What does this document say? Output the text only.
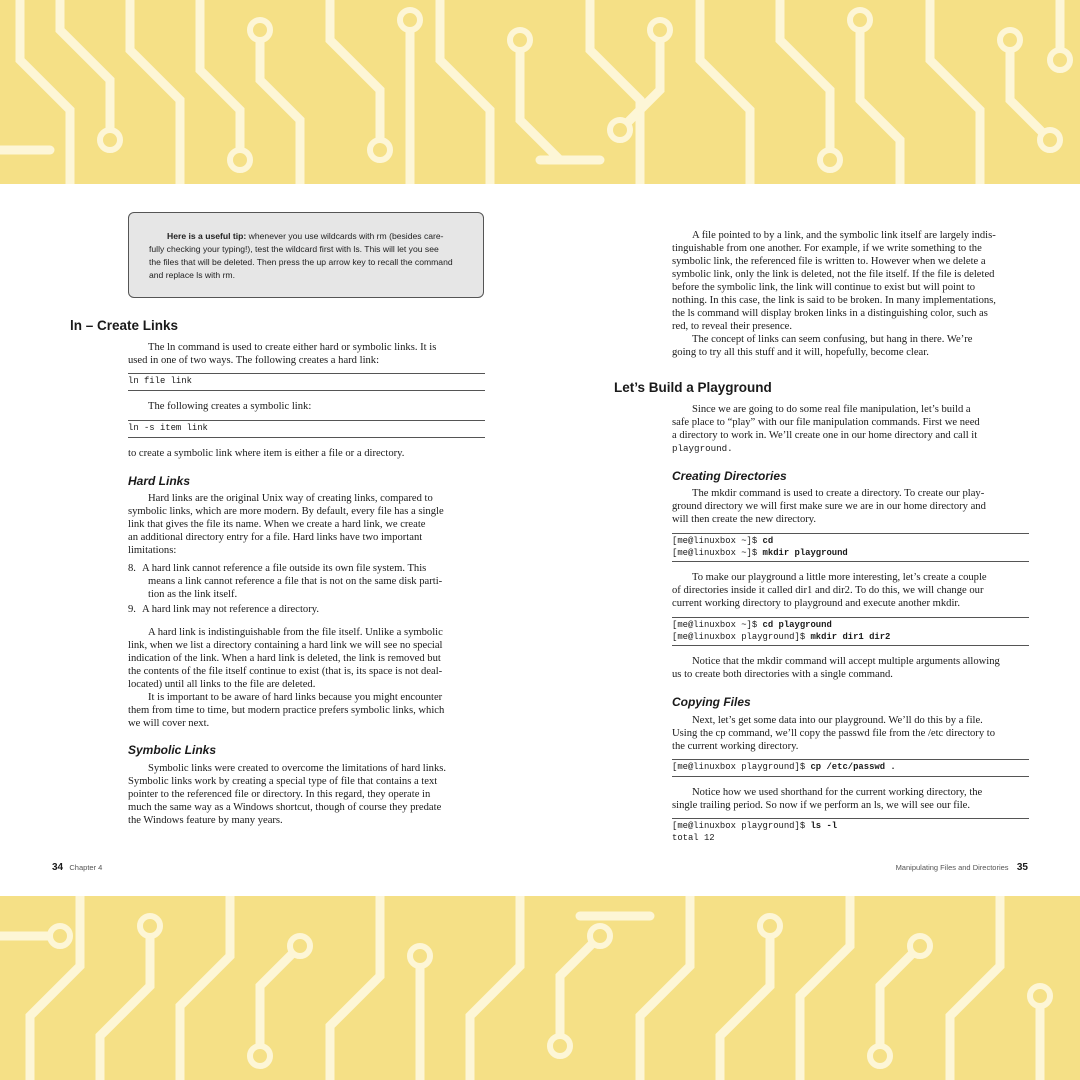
Here is a useful tip: whenever you use wildcards with rm (besides care-
fully checking your typing!), test the wildcard first with ls. This will let you see
the files that will be deleted. Then press the up arrow key to recall the command
and replace ls with rm.
ln – Create Links

The ln command is used to create either hard or symbolic links. It is

used in one of two ways. The following creates a hard link:

ln file link

The following creates a symbolic link:

ln -s item link

to create a symbolic link where item is either a file or a directory.

Hard Links

Hard links are the original Unix way of creating links, compared to

symbolic links, which are more modern. By default, every file has a single

link that gives the file its name. When we create a hard link, we create

an additional directory entry for a file. Hard links have two important

limitations:

8. A hard link cannot reference a file outside its own file system. This
means a link cannot reference a file that is not on the same disk parti-
tion as the link itself.
9. A hard link may not reference a directory.

A hard link is indistinguishable from the file itself. Unlike a symbolic

link, when we list a directory containing a hard link we will see no special

indication of the link. When a hard link is deleted, the link is removed but

the contents of the file itself continue to exist (that is, its space is not deal-

located) until all links to the file are deleted.

It is important to be aware of hard links because you might encounter

them from time to time, but modern practice prefers symbolic links, which

we will cover next.

Symbolic Links

Symbolic links were created to overcome the limitations of hard links.

Symbolic links work by creating a special type of file that contains a text

pointer to the referenced file or directory. In this regard, they operate in

much the same way as a Windows shortcut, though of course they predate

the Windows feature by many years.

34 Chapter 4

A file pointed to by a link, and the symbolic link itself are largely indis-

tinguishable from one another. For example, if we write something to the

symbolic link, the referenced file is written to. However when we delete a

symbolic link, only the link is deleted, not the file itself. If the file is deleted

before the symbolic link, the link will continue to exist but will point to

nothing. In this case, the link is said to be broken. In many implementations,

the ls command will display broken links in a distinguishing color, such as

red, to reveal their presence.

The concept of links can seem confusing, but hang in there. We’re

going to try all this stuff and it will, hopefully, become clear.

Let’s Build a Playground

Since we are going to do some real file manipulation, let’s build a

safe place to “play” with our file manipulation commands. First we need

a directory to work in. We’ll create one in our home directory and call it

playground.

Creating Directories

The mkdir command is used to create a directory. To create our play-

ground directory we will first make sure we are in our home directory and

will then create the new directory.

[me@linuxbox ~]$ cd
[me@linuxbox ~]$ mkdir playground

To make our playground a little more interesting, let’s create a couple

of directories inside it called dir1 and dir2. To do this, we will change our

current working directory to playground and execute another mkdir.

[me@linuxbox ~]$ cd playground
[me@linuxbox playground]$ mkdir dir1 dir2

Notice that the mkdir command will accept multiple arguments allowing

us to create both directories with a single command.

Copying Files

Next, let’s get some data into our playground. We’ll do this by a file.

Using the cp command, we’ll copy the passwd file from the /etc directory to

the current working directory.

[me@linuxbox playground]$ cp /etc/passwd .

Notice how we used shorthand for the current working directory, the

single trailing period. So now if we perform an ls, we will see our file.

[me@linuxbox playground]$ ls -l
total 12
Manipulating Files and Directories 35
